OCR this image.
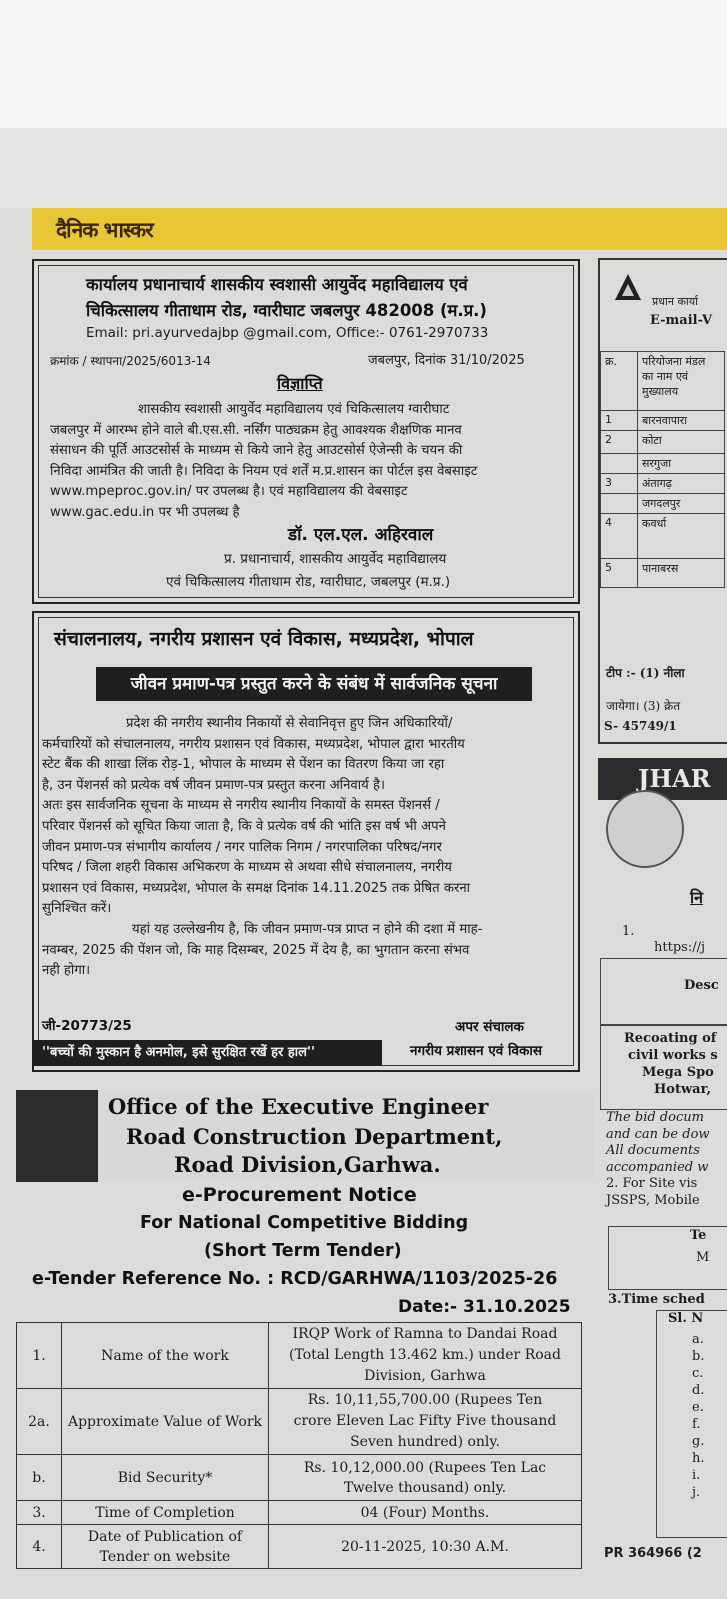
दैनिक भास्कर
कार्यालय प्रधानाचार्य शासकीय स्वशासी आयुर्वेद महाविद्यालय एवं
चिकित्सालय गीताधाम रोड, ग्वारीघाट जबलपुर 482008 (म.प्र.)
Email: pri.ayurvedajbp @gmail.com, Office:- 0761-2970733
क्रमांक / स्थापना/2025/6013-14	जबलपुर, दिनांक 31/10/2025
विज्ञाप्ति
शासकीय स्वशासी आयुर्वेद महाविद्यालय एवं चिकित्सालय ग्वारीघाट
जबलपुर में आरम्भ होने वाले बी.एस.सी. नर्सिंग पाठ्यक्रम हेतु आवश्यक शैक्षणिक मानव
संसाधन की पूर्ति आउटसोर्स के माध्यम से किये जाने हेतु आउटसोर्स ऐजेन्सी के चयन की
निविदा आमंत्रित की जाती है। निविदा के नियम एवं शर्तें म.प्र.शासन का पोर्टल इस वेबसाइट
www.mpeproc.gov.in/ पर उपलब्ध है। एवं महाविद्यालय की वेबसाइट
www.gac.edu.in पर भी उपलब्ध है
डॉ. एल.एल. अहिरवाल
प्र. प्रधानाचार्य, शासकीय आयुर्वेद महाविद्यालय
एवं चिकित्सालय गीताधाम रोड, ग्वारीघाट, जबलपुर (म.प्र.)
संचालनालय, नगरीय प्रशासन एवं विकास, मध्यप्रदेश, भोपाल
जीवन प्रमाण-पत्र प्रस्तुत करने के संबंध में सार्वजनिक सूचना
प्रदेश की नगरीय स्थानीय निकायों से सेवानिवृत्त हुए जिन अधिकारियों/
कर्मचारियों को संचालनालय, नगरीय प्रशासन एवं विकास, मध्यप्रदेश, भोपाल द्वारा भारतीय
स्टेट बैंक की शाखा लिंक रोड़-1, भोपाल के माध्यम से पेंशन का वितरण किया जा रहा
है, उन पेंशनर्स को प्रत्येक वर्ष जीवन प्रमाण-पत्र प्रस्तुत करना अनिवार्य है।
अतः इस सार्वजनिक सूचना के माध्यम से नगरीय स्थानीय निकायों के समस्त पेंशनर्स /
परिवार पेंशनर्स को सूचित किया जाता है, कि वे प्रत्येक वर्ष की भांति इस वर्ष भी अपने
जीवन प्रमाण-पत्र संभागीय कार्यालय / नगर पालिक निगम / नगरपालिका परिषद/नगर
परिषद / जिला शहरी विकास अभिकरण के माध्यम से अथवा सीधे संचालनालय, नगरीय
प्रशासन एवं विकास, मध्यप्रदेश, भोपाल के समक्ष दिनांक 14.11.2025 तक प्रेषित करना
सुनिश्चित करें।
यहां यह उल्लेखनीय है, कि जीवन प्रमाण-पत्र प्राप्त न होने की दशा में माह-
नवम्बर, 2025 की पेंशन जो, कि माह दिसम्बर, 2025 में देय है, का भुगतान करना संभव
नही होगा।
जी-20773/25	अपर संचालक
नगरीय प्रशासन एवं विकास
''बच्चों की मुस्कान है अनमोल, इसे सुरक्षित रखें हर हाल''
Office of the Executive Engineer
Road Construction Department,
Road Division,Garhwa.
e-Procurement Notice
For National Competitive Bidding
(Short Term Tender)
e-Tender Reference No. : RCD/GARHWA/1103/2025-26
Date:- 31.10.2025
1.	Name of the work	IRQP Work of Ramna to Dandai Road
(Total Length 13.462 km.) under Road
Division, Garhwa

2a.	Approximate Value of Work	Rs. 10,11,55,700.00 (Rupees Ten
crore Eleven Lac Fifty Five thousand
Seven hundred) only.

b.	Bid Security*	Rs. 10,12,000.00 (Rupees Ten Lac
Twelve thousand) only.

3.	Time of Completion	04 (Four) Months.

4.	Date of Publication of Tender on website	20-11-2025, 10:30 A.M.
प्रधान कार्या
E-mail-V
क्र.	परियोजना मंडल का नाम एवं मुख्यालय
1	बारनवापारा
2	कोटा
	सरगुजा
3	अंतागढ़
	जगदलपुर
4	कवर्धा
5	पानाबरस
टीप :- (1) नीला
जायेगा। (3) क्रेत
S- 45749/1
JHAR
नि
1.
https://j
Desc
Recoating of
civil works s
Mega Spo
Hotwar,
The bid docum
and can be dow
All documents
accompanied w
2. For Site vis
JSSPS, Mobile
Te
M
3.Time sched
Sl. N
a.
b.
c.
d.
e.
f.
g.
h.
i.
j.
PR 364966 (2
